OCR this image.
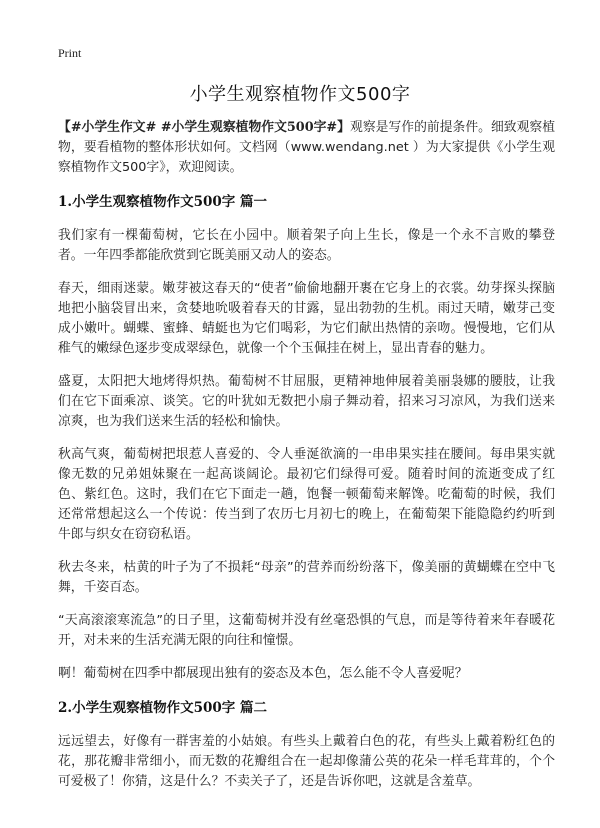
Print
小学生观察植物作文500字

【#小学生作文# #小学生观察植物作文500字#】观察是写作的前提条件。细致观察植物，要看植物的整体形状如何。文档网（www.wendang.net ）为大家提供《小学生观察植物作文500字》，欢迎阅读。

1.小学生观察植物作文500字 篇一

我们家有一棵葡萄树，它长在小园中。顺着架子向上生长，像是一个永不言败的攀登者。一年四季都能欣赏到它既美丽又动人的姿态。

春天，细雨迷蒙。嫩芽被这春天的“使者”偷偷地翻开裹在它身上的衣裳。幼芽探头探脑地把小脑袋冒出来，贪婪地吮吸着春天的甘露，显出勃勃的生机。雨过天晴，嫩芽己变成小嫩叶。蝴蝶、蜜蜂、蜻蜓也为它们喝彩，为它们献出热情的亲吻。慢慢地，它们从稚气的嫩绿色逐步变成翠绿色，就像一个个玉佩挂在树上，显出青春的魅力。

盛夏，太阳把大地烤得炽热。葡萄树不甘屈服，更精神地伸展着美丽袅娜的腰肢，让我们在它下面乘凉、谈笑。它的叶犹如无数把小扇子舞动着，招来习习凉风，为我们送来凉爽，也为我们送来生活的轻松和愉快。

秋高气爽，葡萄树把垠惹人喜爱的、令人垂涎欲滴的一串串果实挂在腰间。每串果实就像无数的兄弟姐妹聚在一起高谈阔论。最初它们绿得可爱。随着时间的流逝变成了红色、紫红色。这时，我们在它下面走一趟，饱餐一顿葡萄来解馋。吃葡萄的时候，我们还常常想起这么一个传说：传当到了农历七月初七的晚上，在葡萄架下能隐隐约约听到牛郎与织女在窃窃私语。

秋去冬来，枯黄的叶子为了不损耗“母亲”的营养而纷纷落下，像美丽的黄蝴蝶在空中飞舞，千姿百态。

“天高滚滚寒流急”的日子里，这葡萄树并没有丝毫恐惧的气息，而是等待着来年春暖花开，对未来的生活充满无限的向往和憧憬。

啊！葡萄树在四季中都展现出独有的姿态及本色，怎么能不令人喜爱呢？

2.小学生观察植物作文500字 篇二

远远望去，好像有一群害羞的小姑娘。有些头上戴着白色的花，有些头上戴着粉红色的花，那花瓣非常细小，而无数的花瓣组合在一起却像蒲公英的花朵一样毛茸茸的，个个可爱极了！你猜，这是什么？不卖关子了，还是告诉你吧，这就是含羞草。
